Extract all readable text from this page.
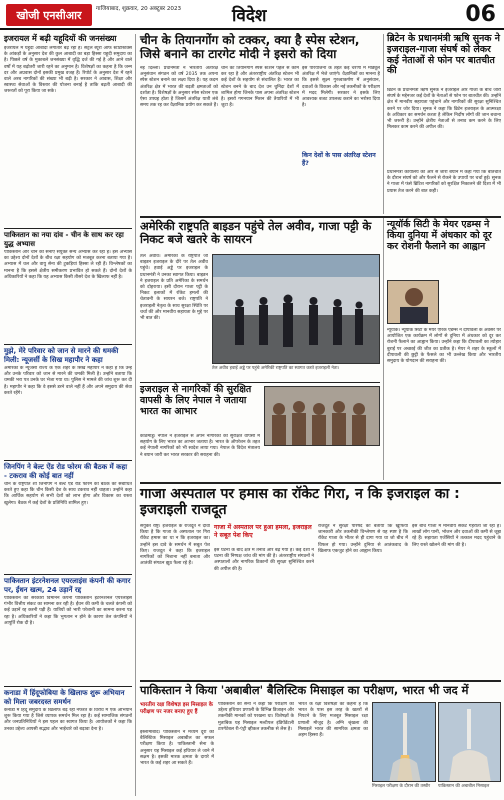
खोजी एनसीआर	गाजियाबाद, शुक्रवार, 20 अक्टूबर 2023	विदेश	06
इजरायल में बढ़ी यहूदियों की जनसंख्या
इजरायल में यहूदी आबादी लगातार बढ़ रही है। सेंट्रल ब्यूरो ऑफ स्टैटिस्टिक्स के आंकड़ों के अनुसार देश की कुल आबादी का बड़ा हिस्सा यहूदी समुदाय का है। पिछले वर्ष के मुकाबले जनसंख्या में वृद्धि दर्ज की गई है और आने वाले वर्षों में यह बढ़ोतरी जारी रहने का अनुमान है। विशेषज्ञों का कहना है कि जन्म दर और अप्रवास दोनों इसकी प्रमुख वजह हैं। रिपोर्ट के अनुसार देश में रहने वाले अरब नागरिकों की संख्या भी बढ़ी है। सरकार ने आवास, शिक्षा और स्वास्थ्य सेवाओं के विस्तार की योजना बनाई है ताकि बढ़ती आबादी की जरूरतों को पूरा किया जा सके।
पाकिस्तान का नया दांव - चीन के साथ कर रहा युद्ध अभ्यास
पाकिस्तान और चीन की सेनाएं संयुक्त सैन्य अभ्यास कर रही हैं। इस अभ्यास का उद्देश्य दोनों देशों के बीच रक्षा सहयोग को मजबूत करना बताया गया है। अभ्यास में थल और वायु सेना की टुकड़ियां हिस्सा ले रही हैं। विश्लेषकों का मानना है कि इससे क्षेत्रीय समीकरण प्रभावित हो सकते हैं। दोनों देशों के अधिकारियों ने कहा कि यह अभ्यास किसी तीसरे देश के खिलाफ नहीं है।
मुझे, मेरे परिवार को जान से मारने की धमकी मिली: न्यूजर्सी के सिख महापौर ने कहा
अमेरिका के न्यूजर्सी राज्य के एक शहर के सिख महापौर ने कहा है कि उन्हें और उनके परिवार को जान से मारने की धमकी मिली है। उन्होंने बताया कि धमकी भरा पत्र उनके घर भेजा गया था। पुलिस ने मामले की जांच शुरू कर दी है। महापौर ने कहा कि वे इससे डरने वाले नहीं हैं और अपने समुदाय की सेवा करते रहेंगे।
जिनपिंग ने बेल्ट ऐंड रोड फोरम की बैठक में कहा - टकराव की कोई बात नहीं
चीन के राष्ट्रपति शी जिनपिंग ने बेल्ट ऐंड रोड फोरम की बैठक को संबोधित करते हुए कहा कि चीन किसी देश के साथ टकराव नहीं चाहता। उन्होंने कहा कि आर्थिक सहयोग से सभी देशों को लाभ होगा और विकास का रास्ता खुलेगा। बैठक में कई देशों के प्रतिनिधि शामिल हुए।
पाकिस्तान इंटरनेशनल एयरलाइंस कंपनी की कगार पर, ईंधन खत्म, 24 उड़ानें रद्द
पाकिस्तान की सरकारी विमानन कंपनी पाकिस्तान इंटरनेशनल एयरलाइंस गंभीर वित्तीय संकट का सामना कर रही है। ईंधन की कमी के चलते कंपनी को कई उड़ानें रद्द करनी पड़ी हैं। यात्रियों को भारी परेशानी का सामना करना पड़ रहा है। अधिकारियों ने कहा कि भुगतान न होने के कारण तेल कंपनियों ने आपूर्ति रोक दी है।
कनाडा में हिंदूफोबिया के खिलाफ शुरू अभियान को मिला जबरदस्त समर्थन
कनाडा में हिंदू समुदाय के खिलाफ बढ़ रही नफरत के विरोध में एक अभियान शुरू किया गया है जिसे व्यापक समर्थन मिल रहा है। कई सामाजिक संगठनों और जनप्रतिनिधियों ने इस पहल का स्वागत किया है। आयोजकों ने कहा कि उनका उद्देश्य आपसी सद्भाव और भाईचारे को बढ़ावा देना है।
चीन के तियानगोंग को टक्कर, क्या है स्पेस स्टेशन, जिसे बनाने का टारगेट मोदी ने इसरो को दिया
नई दिल्ली। प्रधानमंत्री ने भारतीय अंतरिक्ष अनुसंधान संगठन को वर्ष 2035 तक अपना स्पेस स्टेशन बनाने का लक्ष्य दिया है। यह कदम अंतरिक्ष क्षेत्र में भारत की बढ़ती क्षमताओं को दर्शाता है। विशेषज्ञों के अनुसार स्पेस स्टेशन एक ऐसा उपग्रह होता है जिसमें अंतरिक्ष यात्री लंबे समय तक रह कर वैज्ञानिक प्रयोग कर सकते हैं।
चीन का तियानगोंग स्पेस स्टेशन पहले से काम कर रहा है और अंतरराष्ट्रीय अंतरिक्ष स्टेशन भी कई देशों के सहयोग से संचालित है। भारत का स्टेशन बनने के बाद देश उन चुनिंदा देशों में शामिल होगा जिनके पास अपना अंतरिक्ष स्टेशन है। इसरो गगनयान मिशन की तैयारियों में भी जुटा है।
किन देशों के पास अंतरिक्ष स्टेशन हैं?
इस परियोजना के तहत कई चरणों में मॉड्यूल अंतरिक्ष में भेजे जाएंगे। वैज्ञानिकों का मानना है कि इससे सूक्ष्म गुरुत्वाकर्षण में अनुसंधान, दवाओं के विकास और नई तकनीकों के परीक्षण में मदद मिलेगी। सरकार ने इसके लिए आवश्यक बजट उपलब्ध कराने का भरोसा दिया है।
ब्रिटेन के प्रधानमंत्री ऋषि सुनक ने इजराइल-गाजा संघर्ष को लेकर कई नेताओं से फोन पर बातचीत की
ब्रिटेन के प्रधानमंत्री ऋषि सुनक ने इजराइल और गाजा के बीच जारी संघर्ष के मद्देनजर कई देशों के नेताओं से फोन पर बातचीत की। उन्होंने क्षेत्र में मानवीय सहायता पहुंचाने और नागरिकों की सुरक्षा सुनिश्चित करने पर जोर दिया। सुनक ने कहा कि ब्रिटेन इजराइल के आत्मरक्षा के अधिकार का समर्थन करता है लेकिन निर्दोष लोगों की जान बचाना भी जरूरी है। उन्होंने क्षेत्रीय नेताओं से तनाव कम करने के लिए मिलकर काम करने की अपील की।
प्रधानमंत्री कार्यालय की ओर से जारी बयान में कहा गया कि बातचीत के दौरान संघर्ष को और फैलने से रोकने के उपायों पर चर्चा हुई। सुनक ने गाजा में फंसे ब्रिटिश नागरिकों को सुरक्षित निकालने की दिशा में भी प्रयास तेज करने की बात कही।
अमेरिकी राष्ट्रपति बाइडन पहुंचे तेल अवीव, गाजा पट्टी के निकट बजे खतरे के सायरन
तेल अवीव। अमेरिका के राष्ट्रपति जो बाइडन इजराइल के दौरे पर तेल अवीव पहुंचे। हवाई अड्डे पर इजराइल के प्रधानमंत्री ने उनका स्वागत किया। बाइडन ने इजराइल के प्रति अमेरिका के समर्थन को दोहराया। इसी दौरान गाजा पट्टी के निकट इलाकों में रॉकेट हमलों की चेतावनी के सायरन बजे। राष्ट्रपति ने इजराइली नेतृत्व के साथ सुरक्षा स्थिति पर चर्चा की और मानवीय सहायता के मुद्दे पर भी बात की।
तेल अवीव हवाई अड्डे पर पहुंचे अमेरिकी राष्ट्रपति का स्वागत करते इजराइली नेता।
इजराइल से नागरिकों की सुरक्षित वापसी के लिए नेपाल ने जताया भारत का आभार
काठमांडू। नेपाल ने इजराइल से अपने नागरिकों की सुरक्षित वापसी में सहयोग के लिए भारत का आभार जताया है। भारत के ऑपरेशन के तहत कई नेपाली नागरिकों को भी स्वदेश लाया गया। नेपाल के विदेश मंत्रालय ने बयान जारी कर भारत सरकार की सराहना की।
न्यूयॉर्क सिटी के मेयर एडम्स ने किया दुनिया में अंधकार को दूर कर रोशनी फैलाने का आह्वान
न्यूयॉर्क। न्यूयॉर्क सिटी के मेयर एरिक एडम्स ने दीपावली के अवसर पर आयोजित एक कार्यक्रम में लोगों से दुनिया में अंधकार को दूर कर रोशनी फैलाने का आह्वान किया। उन्होंने कहा कि दीपावली का त्योहार बुराई पर अच्छाई की जीत का प्रतीक है। मेयर ने शहर के स्कूलों में दीपावली की छुट्टी के फैसले का भी उल्लेख किया और भारतीय समुदाय के योगदान की सराहना की।
गाजा अस्पताल पर हमास का रॉकेट गिरा, न कि इजराइल का : इजराइली राजदूत
गाजा में अस्पताल पर हुआ हमला, इजराइल ने सबूत पेश किए
संयुक्त राष्ट्र। इजराइल के राजदूत ने दावा किया है कि गाजा के अस्पताल पर गिरा रॉकेट हमास का था न कि इजराइल का। उन्होंने इस दावे के समर्थन में सबूत पेश किए। राजदूत ने कहा कि इजराइल नागरिकों को निशाना नहीं बनाता और आतंकी संगठन झूठ फैला रहे हैं।
इस घटना के बाद क्षेत्र में तनाव और बढ़ गया है। कई देशों ने घटना की निष्पक्ष जांच की मांग की है। अंतरराष्ट्रीय संगठनों ने अस्पतालों और नागरिक ठिकानों की सुरक्षा सुनिश्चित करने की अपील की है।
राजदूत ने सुरक्षा परिषद को बताया कि खुफिया जानकारी और तकनीकी विश्लेषण से यह स्पष्ट है कि रॉकेट गाजा के भीतर से ही दागा गया था जो बीच में विफल हो गया। उन्होंने दुनिया से आतंकवाद के खिलाफ एकजुट होने का आह्वान किया।
इस बीच गाजा में मानवीय संकट गहराता जा रहा है। लाखों लोग पानी, भोजन और दवाओं की कमी से जूझ रहे हैं। सहायता एजेंसियों ने तत्काल मदद पहुंचाने के लिए रास्ते खोलने की मांग की है।
पाकिस्तान ने किया 'अबाबील' बैलिस्टिक मिसाइल का परीक्षण, भारत भी जद में
भारतीय रक्षा विशेषज्ञ इस मिसाइल के परीक्षण पर नजर बनाए हुए हैं
इस्लामाबाद। पाकिस्तान ने मध्यम दूरी की बैलिस्टिक मिसाइल अबाबील का सफल परीक्षण किया है। पाकिस्तानी सेना के अनुसार यह मिसाइल कई हथियार ले जाने में सक्षम है। इसकी मारक क्षमता के दायरे में भारत के कई शहर आ सकते हैं।
पाकिस्तान की सेना ने कहा कि परीक्षण का उद्देश्य हथियार प्रणाली के विभिन्न डिजाइन और तकनीकी मानकों को परखना था। विशेषज्ञों के मुताबिक यह मिसाइल मल्टीपल इंडिपेंडेंटली टारगेटेबल री-एंट्री व्हीकल तकनीक से लैस है।
भारत के रक्षा विशेषज्ञों का कहना है कि भारत के पास इस तरह के खतरों से निपटने के लिए मजबूत मिसाइल रक्षा प्रणाली मौजूद है। अग्नि श्रृंखला की मिसाइलें भारत की सामरिक क्षमता का अहम हिस्सा हैं।
मिसाइल परीक्षण के दौरान की तस्वीर	पाकिस्तान की अबाबील मिसाइल
